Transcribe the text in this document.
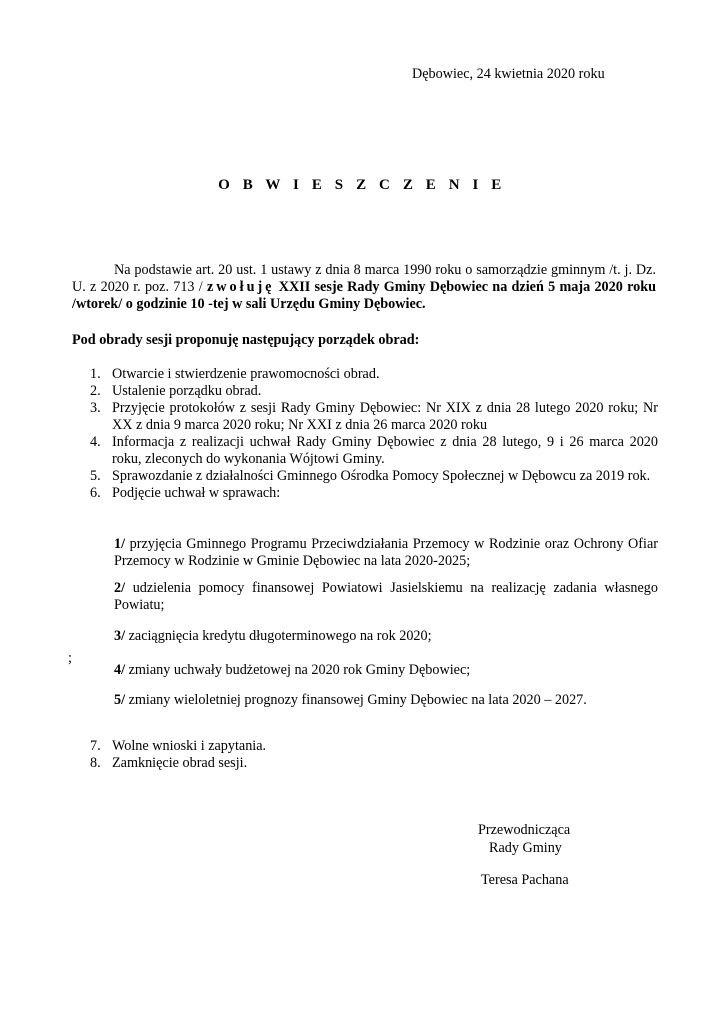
Dębowiec, 24 kwietnia 2020 roku
O B W I E S Z C Z E N I E
Na podstawie art. 20 ust. 1 ustawy z dnia 8 marca 1990 roku o samorządzie gminnym /t. j. Dz. U. z 2020 r. poz. 713 / zwołuję XXII sesje Rady Gminy Dębowiec na dzień 5 maja 2020 roku /wtorek/ o godzinie 10 -tej w sali Urzędu Gminy Dębowiec.
Pod obrady sesji proponuję następujący porządek obrad:
1. Otwarcie i stwierdzenie prawomocności obrad.
2. Ustalenie porządku obrad.
3. Przyjęcie protokołów z sesji Rady Gminy Dębowiec: Nr XIX z dnia 28 lutego 2020 roku; Nr XX z dnia 9 marca 2020 roku; Nr XXI z dnia 26 marca 2020 roku
4. Informacja z realizacji uchwał Rady Gminy Dębowiec z dnia 28 lutego, 9 i 26 marca 2020 roku, zleconych do wykonania Wójtowi Gminy.
5. Sprawozdanie z działalności Gminnego Ośrodka Pomocy Społecznej w Dębowcu za 2019 rok.
6. Podjęcie uchwał w sprawach:
1/ przyjęcia Gminnego Programu Przeciwdziałania Przemocy w Rodzinie oraz Ochrony Ofiar Przemocy w Rodzinie w Gminie Dębowiec na lata 2020-2025;
2/ udzielenia pomocy finansowej Powiatowi Jasielskiemu na realizację zadania własnego Powiatu;
3/ zaciągnięcia kredytu długoterminowego na rok 2020;
4/ zmiany uchwały budżetowej na 2020 rok Gminy Dębowiec;
5/ zmiany wieloletniej prognozy finansowej Gminy Dębowiec na lata 2020 – 2027.
;
7. Wolne wnioski i zapytania.
8. Zamknięcie obrad sesji.
Przewodnicząca
Rady Gminy
Teresa Pachana
